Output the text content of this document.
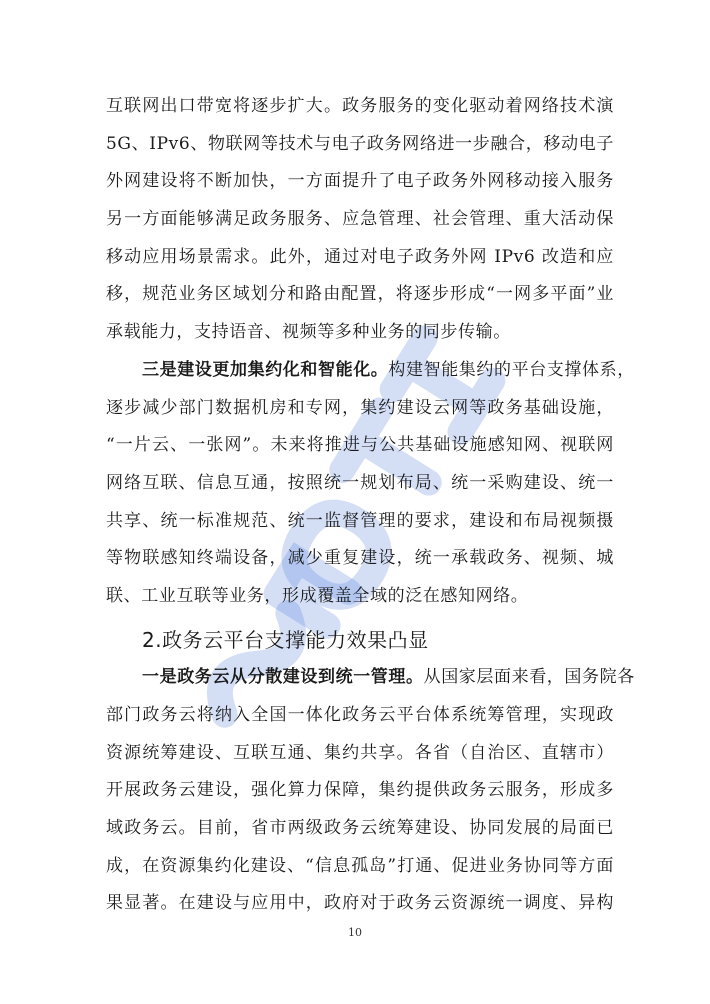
互联网出口带宽将逐步扩大。政务服务的变化驱动着网络技术演
5G、IPv6、物联网等技术与电子政务网络进一步融合，移动电子
外网建设将不断加快，一方面提升了电子政务外网移动接入服务
另一方面能够满足政务服务、应急管理、社会管理、重大活动保
移动应用场景需求。此外，通过对电子政务外网 IPv6 改造和应
移，规范业务区域划分和路由配置，将逐步形成“一网多平面”业
承载能力，支持语音、视频等多种业务的同步传输。
三是建设更加集约化和智能化。构建智能集约的平台支撑体系，
逐步减少部门数据机房和专网，集约建设云网等政务基础设施，
“一片云、一张网”。未来将推进与公共基础设施感知网、视联网
网络互联、信息互通，按照统一规划布局、统一采购建设、统一
共享、统一标准规范、统一监督管理的要求，建设和布局视频摄
等物联感知终端设备，减少重复建设，统一承载政务、视频、城
联、工业互联等业务，形成覆盖全域的泛在感知网络。
2.政务云平台支撑能力效果凸显
一是政务云从分散建设到统一管理。从国家层面来看，国务院各
部门政务云将纳入全国一体化政务云平台体系统筹管理，实现政
资源统筹建设、互联互通、集约共享。各省（自治区、直辖市）
开展政务云建设，强化算力保障，集约提供政务云服务，形成多
域政务云。目前，省市两级政务云统筹建设、协同发展的局面已
成，在资源集约化建设、“信息孤岛”打通、促进业务协同等方面
果显著。在建设与应用中，政府对于政务云资源统一调度、异构
10
